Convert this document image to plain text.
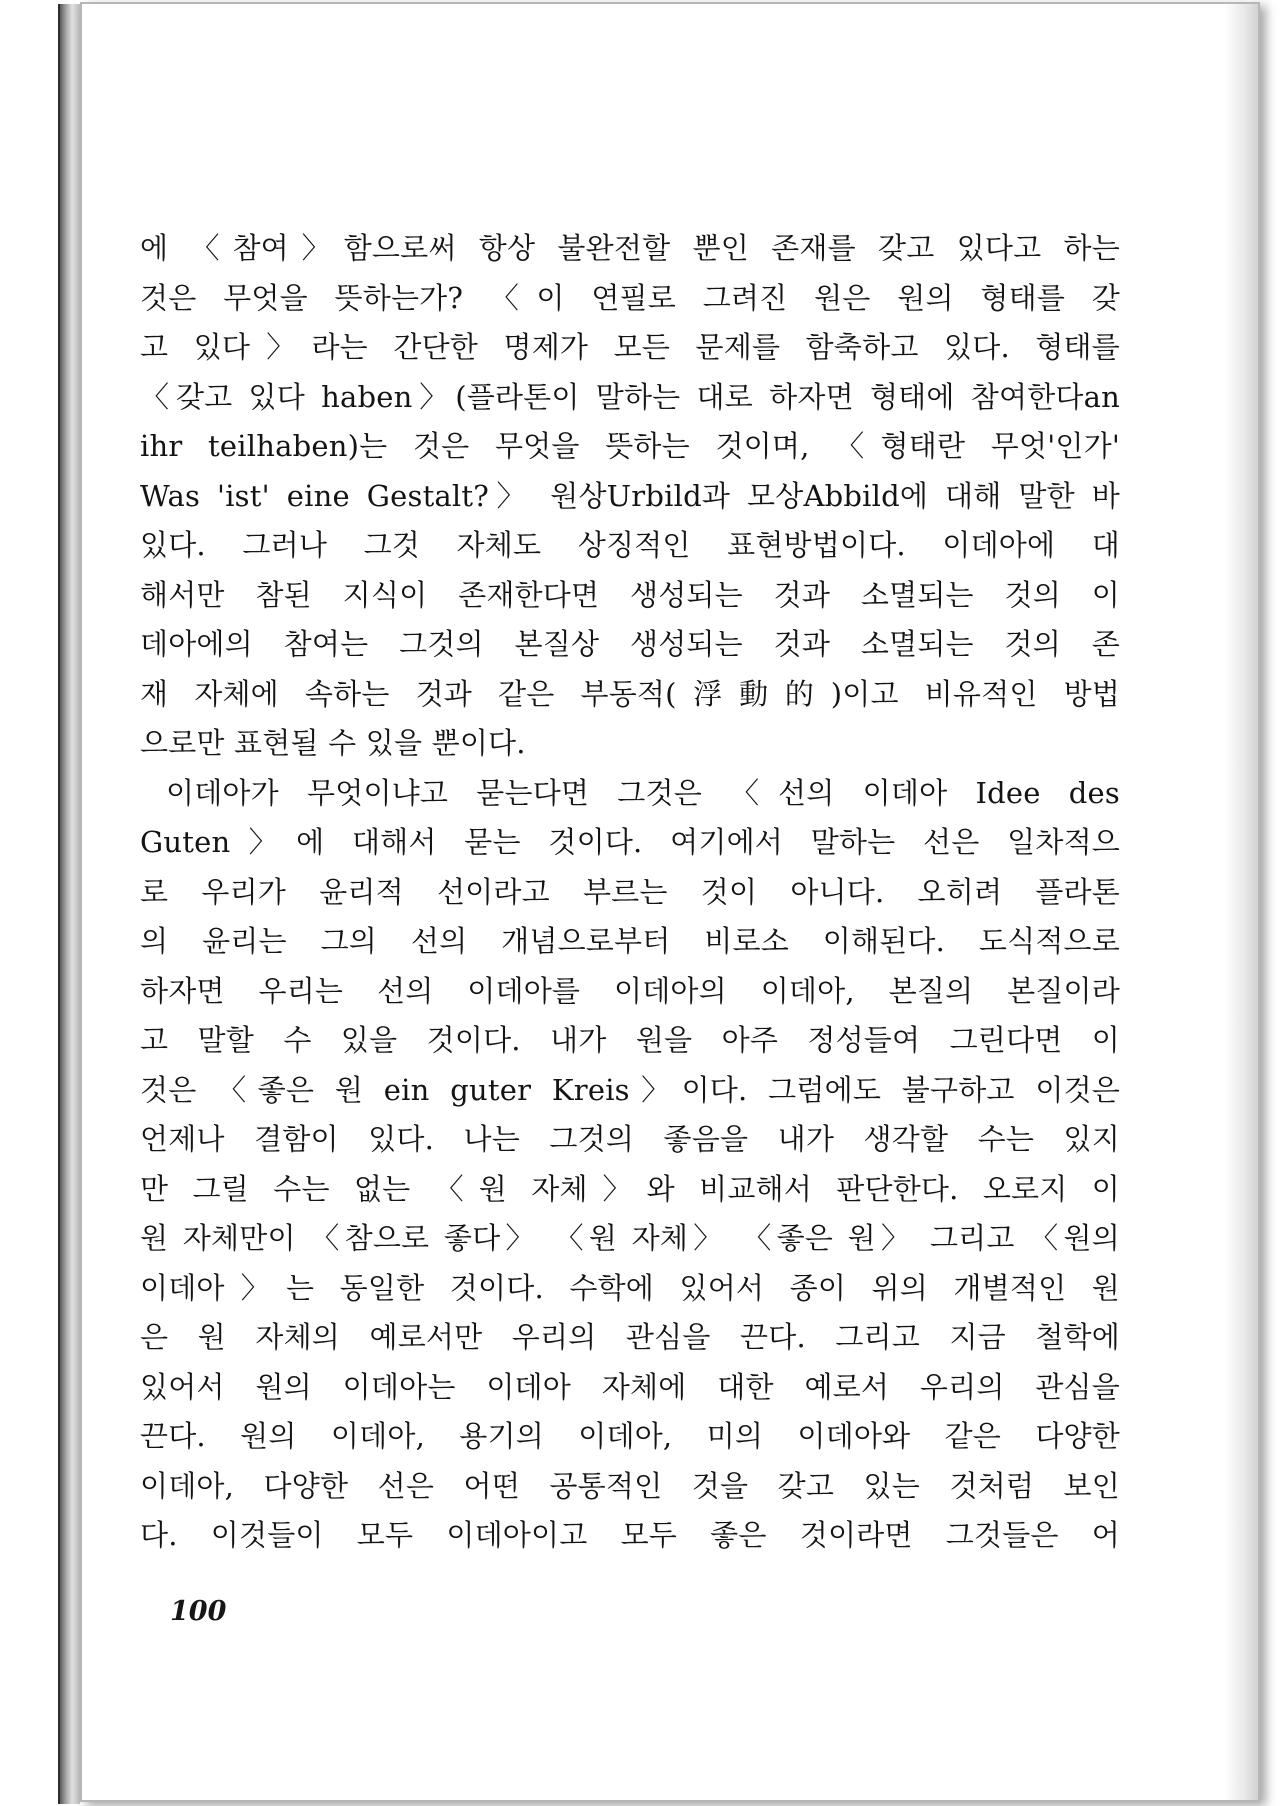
에 〈참여〉함으로써 항상 불완전할 뿐인 존재를 갖고 있다고 하는
것은 무엇을 뜻하는가? 〈이 연필로 그려진 원은 원의 형태를 갖
고 있다〉라는 간단한 명제가 모든 문제를 함축하고 있다. 형태를
〈갖고 있다 haben〉(플라톤이 말하는 대로 하자면 형태에 참여한다an
ihr teilhaben)는 것은 무엇을 뜻하는 것이며, 〈형태란 무엇'인가'
Was 'ist' eine Gestalt?〉 원상Urbild과 모상Abbild에 대해 말한 바
있다. 그러나 그것 자체도 상징적인 표현방법이다. 이데아에 대
해서만 참된 지식이 존재한다면 생성되는 것과 소멸되는 것의 이
데아에의 참여는 그것의 본질상 생성되는 것과 소멸되는 것의 존
재 자체에 속하는 것과 같은 부동적(浮動的)이고 비유적인 방법
으로만 표현될 수 있을 뿐이다.

이데아가 무엇이냐고 묻는다면 그것은 〈선의 이데아 Idee des
Guten〉에 대해서 묻는 것이다. 여기에서 말하는 선은 일차적으
로 우리가 윤리적 선이라고 부르는 것이 아니다. 오히려 플라톤
의 윤리는 그의 선의 개념으로부터 비로소 이해된다. 도식적으로
하자면 우리는 선의 이데아를 이데아의 이데아, 본질의 본질이라
고 말할 수 있을 것이다. 내가 원을 아주 정성들여 그린다면 이
것은 〈좋은 원 ein guter Kreis〉이다. 그럼에도 불구하고 이것은
언제나 결함이 있다. 나는 그것의 좋음을 내가 생각할 수는 있지
만 그릴 수는 없는 〈원 자체〉와 비교해서 판단한다. 오로지 이
원 자체만이 〈참으로 좋다〉 〈원 자체〉 〈좋은 원〉 그리고 〈원의
이데아〉는 동일한 것이다. 수학에 있어서 종이 위의 개별적인 원
은 원 자체의 예로서만 우리의 관심을 끈다. 그리고 지금 철학에
있어서 원의 이데아는 이데아 자체에 대한 예로서 우리의 관심을
끈다. 원의 이데아, 용기의 이데아, 미의 이데아와 같은 다양한
이데아, 다양한 선은 어떤 공통적인 것을 갖고 있는 것처럼 보인
다. 이것들이 모두 이데아이고 모두 좋은 것이라면 그것들은 어

100
